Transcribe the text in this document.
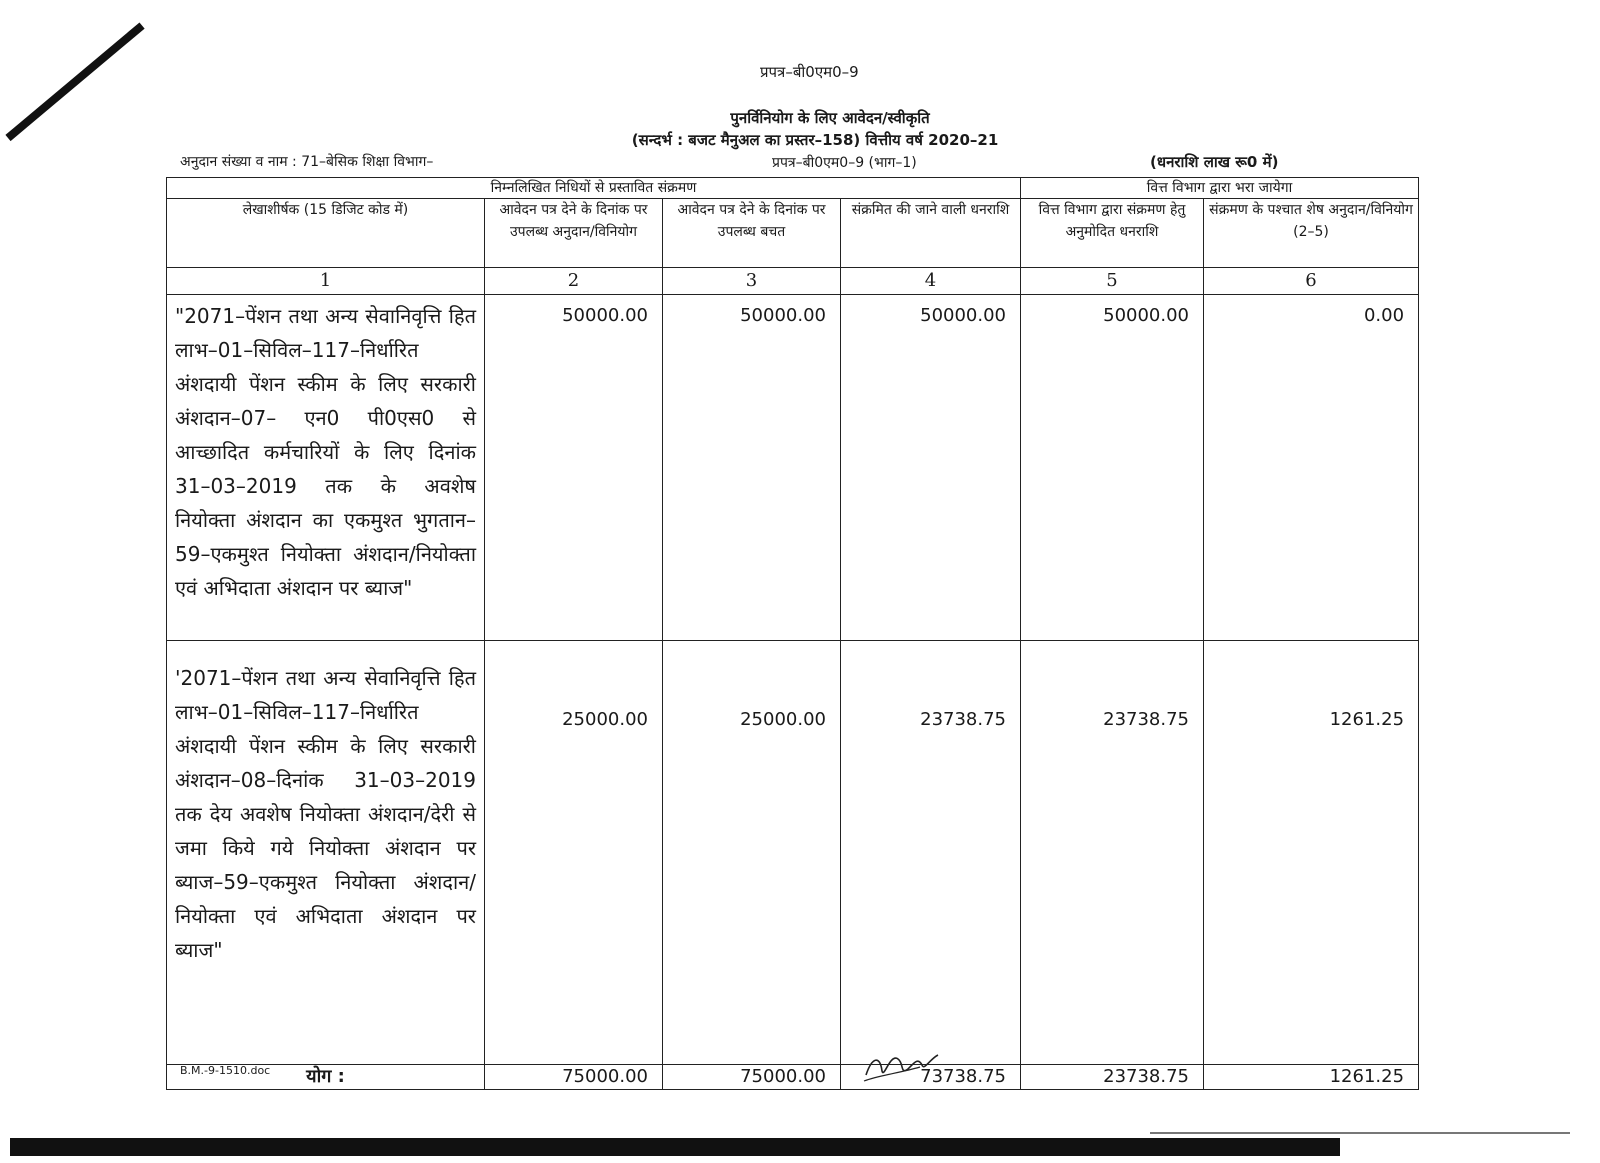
प्रपत्र–बी0एम0–9
पुनर्विनियोग के लिए आवेदन/स्वीकृति
(सन्दर्भ : बजट मैनुअल का प्रस्तर–158) वित्तीय वर्ष 2020–21
अनुदान संख्या व नाम : 71–बेसिक शिक्षा विभाग–	प्रपत्र–बी0एम0–9 (भाग–1)	(धनराशि लाख रू0 में)
निम्नलिखित निधियों से प्रस्तावित संक्रमण				वित्त विभाग द्वारा भरा जायेगा	
लेखाशीर्षक (15 डिजिट कोड में)	आवेदन पत्र देने के दिनांक पर उपलब्ध अनुदान/विनियोग	आवेदन पत्र देने के दिनांक पर उपलब्ध बचत	संक्रमित की जाने वाली धनराशि	वित्त विभाग द्वारा संक्रमण हेतु अनुमोदित धनराशि	संक्रमण के पश्चात शेष अनुदान/विनियोग (2–5)
1	2	3	4	5	6
"2071–पेंशन तथा अन्य सेवानिवृत्ति हित लाभ–01–सिविल–117–निर्धारित अंशदायी पेंशन स्कीम के लिए सरकारी अंशदान–07– एन0 पी0एस0 से आच्छादित कर्मचारियों के लिए दिनांक 31–03–2019 तक के अवशेष नियोक्ता अंशदान का एकमुश्त भुगतान–59–एकमुश्त नियोक्ता अंशदान/नियोक्ता एवं अभिदाता अंशदान पर ब्याज"	50000.00	50000.00	50000.00	50000.00	0.00
'2071–पेंशन तथा अन्य सेवानिवृत्ति हित लाभ–01–सिविल–117–निर्धारित अंशदायी पेंशन स्कीम के लिए सरकारी अंशदान–08–दिनांक 31–03–2019 तक देय अवशेष नियोक्ता अंशदान/देरी से जमा किये गये नियोक्ता अंशदान पर ब्याज–59–एकमुश्त नियोक्ता अंशदान/नियोक्ता एवं अभिदाता अंशदान पर ब्याज"	25000.00	25000.00	23738.75	23738.75	1261.25
योग :	75000.00	75000.00	73738.75	23738.75	1261.25
B.M.-9-1510.doc
